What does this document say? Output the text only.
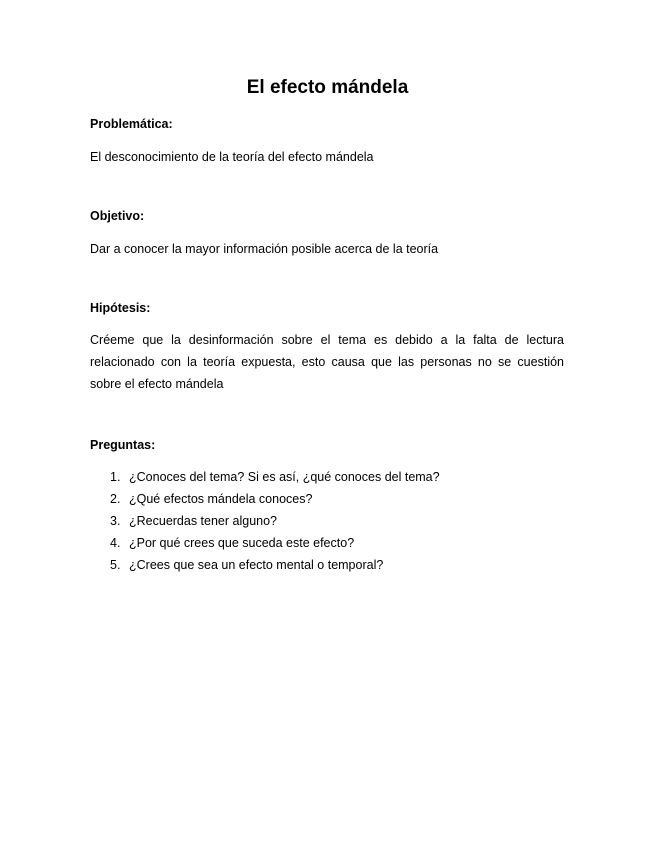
El efecto mándela

Problemática:

El desconocimiento de la teoría del efecto mándela

Objetivo:

Dar a conocer la mayor información posible acerca de la teoría

Hipótesis:

Créeme que la desinformación sobre el tema es debido a la falta de lectura relacionado con la teoría expuesta, esto causa que las personas no se cuestión sobre el efecto mándela

Preguntas:

1. ¿Conoces del tema? Si es así, ¿qué conoces del tema?
2. ¿Qué efectos mándela conoces?
3. ¿Recuerdas tener alguno?
4. ¿Por qué crees que suceda este efecto?
5. ¿Crees que sea un efecto mental o temporal?
